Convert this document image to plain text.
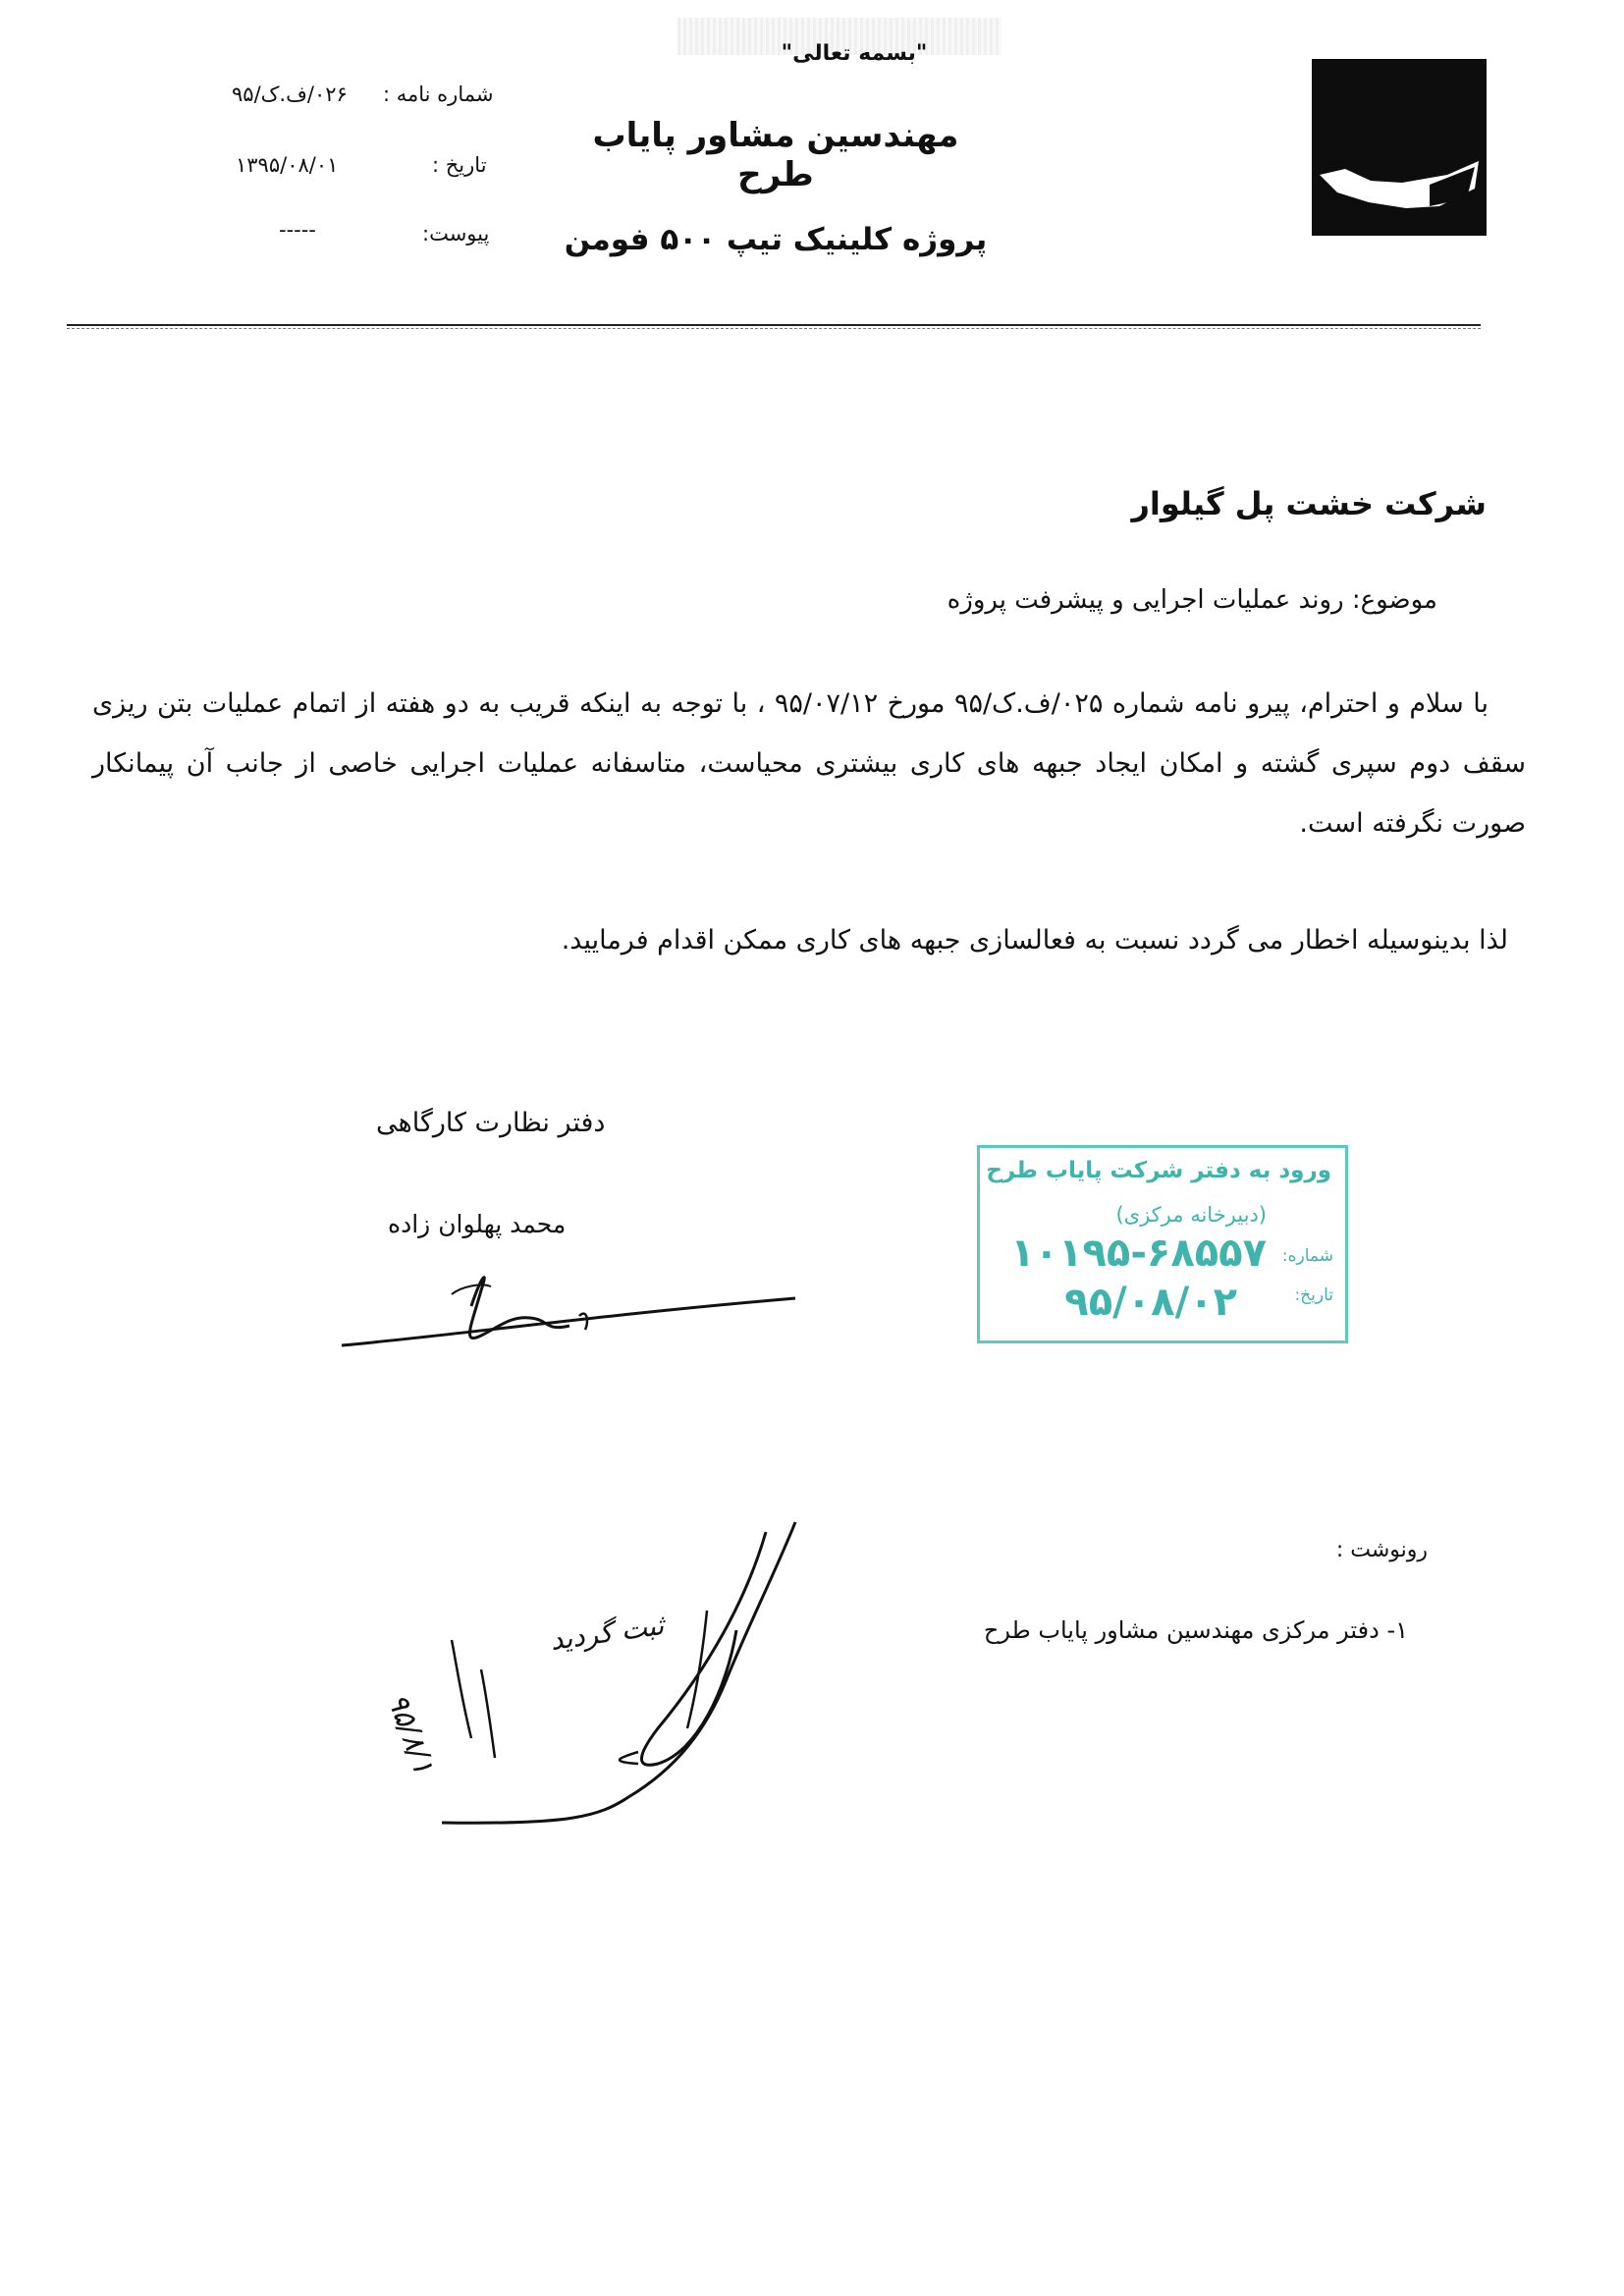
"بسمه تعالی"
شماره نامه :
۰۲۶/ف.ک/۹۵
تاریخ :
۱۳۹۵/۰۸/۰۱
پیوست:
-----
مهندسین مشاور پایاب طرح
پروژه کلینیک تیپ ۵۰۰ فومن
شرکت خشت پل گیلوار
موضوع: روند عملیات اجرایی و پیشرفت پروژه

با سلام و احترام، پیرو نامه شماره ۰۲۵/ف.ک/۹۵ مورخ ۹۵/۰۷/۱۲ ، با توجه به اینکه قریب به دو هفته از اتمام عملیات بتن ریزی سقف دوم سپری گشته و امکان ایجاد جبهه های کاری بیشتری محیاست، متاسفانه عملیات اجرایی خاصی از جانب آن پیمانکار صورت نگرفته است.

لذا بدینوسیله اخطار می گردد نسبت به فعالسازی جبهه های کاری ممکن اقدام فرمایید.
دفتر نظارت کارگاهی
محمد پهلوان زاده
ورود به دفتر شرکت پایاب طرح
(دبیرخانه مرکزی)
شماره:
۱۰۱۹۵-۶۸۵۵۷
تاریخ:
۹۵/۰۸/۰۲
رونوشت :
۱- دفتر مرکزی مهندسین مشاور پایاب طرح
ثبت گردید
۹۵/۸/۱
